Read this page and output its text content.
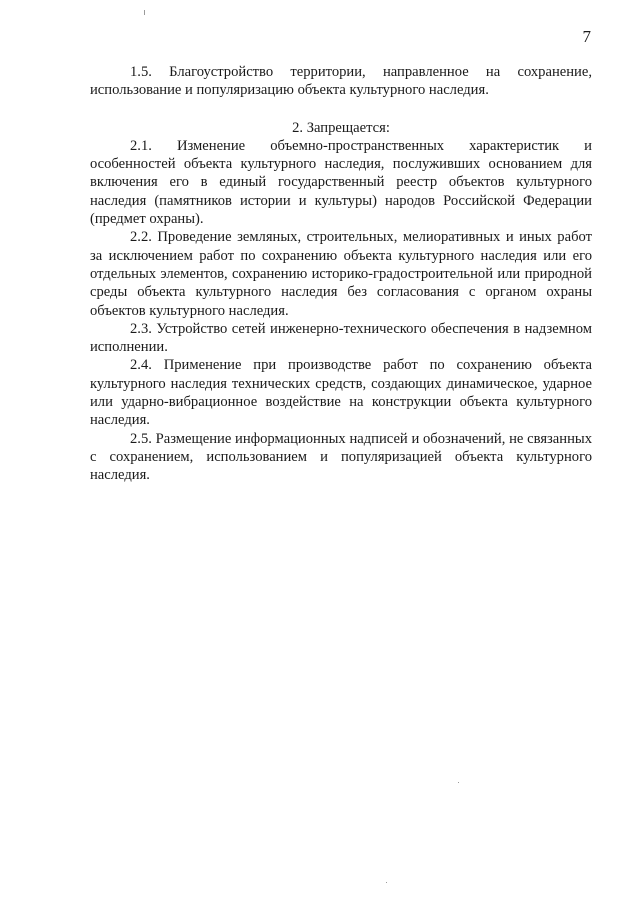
7

1.5. Благоустройство территории, направленное на сохранение, использование и популяризацию объекта культурного наследия.

2. Запрещается:

2.1. Изменение объемно-пространственных характеристик и особенностей объекта культурного наследия, послуживших основанием для включения его в единый государственный реестр объектов культурного наследия (памятников истории и культуры) народов Российской Федерации (предмет охраны).

2.2. Проведение земляных, строительных, мелиоративных и иных работ за исключением работ по сохранению объекта культурного наследия или его отдельных элементов, сохранению историко-градостроительной или природной среды объекта культурного наследия без согласования с органом охраны объектов культурного наследия.

2.3. Устройство сетей инженерно-технического обеспечения в надземном исполнении.

2.4. Применение при производстве работ по сохранению объекта культурного наследия технических средств, создающих динамическое, ударное или ударно-вибрационное воздействие на конструкции объекта культурного наследия.

2.5. Размещение информационных надписей и обозначений, не связанных с сохранением, использованием и популяризацией объекта культурного наследия.
